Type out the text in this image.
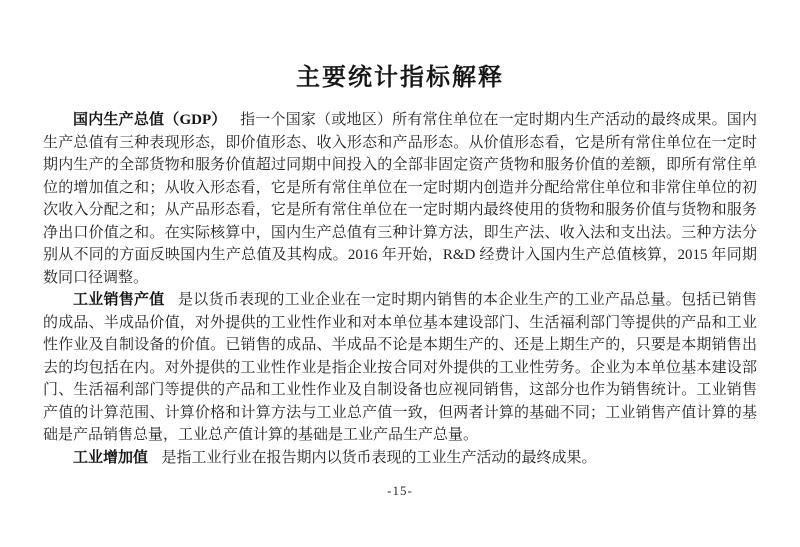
主要统计指标解释

国内生产总值（GDP） 指一个国家（或地区）所有常住单位在一定时期内生产活动的最终成果。国内生产总值有三种表现形态，即价值形态、收入形态和产品形态。从价值形态看，它是所有常住单位在一定时期内生产的全部货物和服务价值超过同期中间投入的全部非固定资产货物和服务价值的差额，即所有常住单位的增加值之和；从收入形态看，它是所有常住单位在一定时期内创造并分配给常住单位和非常住单位的初次收入分配之和；从产品形态看，它是所有常住单位在一定时期内最终使用的货物和服务价值与货物和服务净出口价值之和。在实际核算中，国内生产总值有三种计算方法，即生产法、收入法和支出法。三种方法分别从不同的方面反映国内生产总值及其构成。2016 年开始，R&D 经费计入国内生产总值核算，2015 年同期数同口径调整。

工业销售产值 是以货币表现的工业企业在一定时期内销售的本企业生产的工业产品总量。包括已销售的成品、半成品价值，对外提供的工业性作业和对本单位基本建设部门、生活福利部门等提供的产品和工业性作业及自制设备的价值。已销售的成品、半成品不论是本期生产的、还是上期生产的，只要是本期销售出去的均包括在内。对外提供的工业性作业是指企业按合同对外提供的工业性劳务。企业为本单位基本建设部门、生活福利部门等提供的产品和工业性作业及自制设备也应视同销售，这部分也作为销售统计。工业销售产值的计算范围、计算价格和计算方法与工业总产值一致，但两者计算的基础不同；工业销售产值计算的基础是产品销售总量，工业总产值计算的基础是工业产品生产总量。

工业增加值 是指工业行业在报告期内以货币表现的工业生产活动的最终成果。

-15-
